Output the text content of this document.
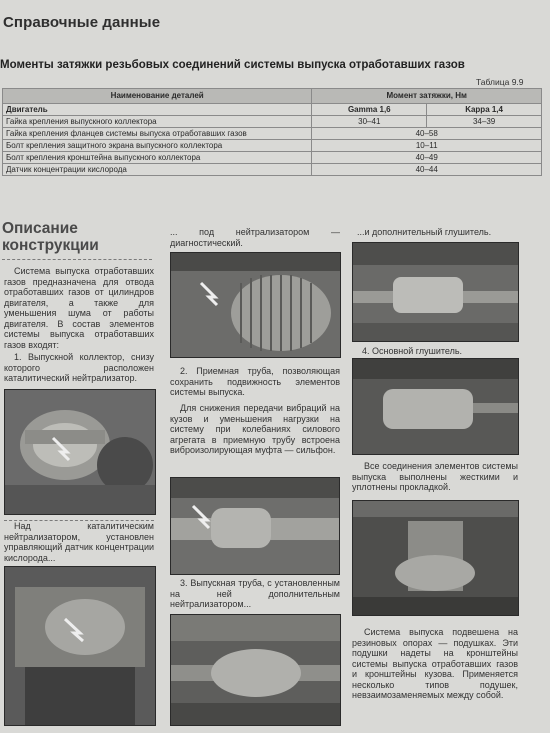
Справочные данные
Моменты затяжки резьбовых соединений системы выпуска отработавших газов
Таблица 9.9
Наименование деталей	Момент затяжки, Нм	
Двигатель	Gamma 1,6	Kappa 1,4
Гайка крепления выпускного коллектора	30–41	34–39
Гайка крепления фланцев системы выпуска отработавших газов	40–58	
Болт крепления защитного экрана выпускного коллектора	10–11	
Болт крепления кронштейна выпускного коллектора	40–49	
Датчик концентрации кислорода	40–44	
Описание
конструкции
Система выпуска отработавших газов предназначена для отвода отработавших газов от цилиндров двигателя, а также для уменьшения шума от работы двигателя. В состав элементов системы выпуска отработавших газов входят:
1. Выпускной коллектор, снизу которого расположен каталитический нейтрализатор.
Над каталитическим нейтрализатором, установлен управляющий датчик концентрации кислорода...
... под нейтрализатором — диагностический.
2. Приемная труба, позволяющая сохранить подвижность элементов системы выпуска.
Для снижения передачи вибраций на кузов и уменьшения нагрузки на систему при колебаниях силового агрегата в приемную трубу встроена виброизолирующая муфта — сильфон.
3. Выпускная труба, с установленным на ней дополнительным нейтрализатором...
...и дополнительный глушитель.
4. Основной глушитель.
Все соединения элементов системы выпуска выполнены жесткими и уплотнены прокладкой.
Система выпуска подвешена на резиновых опорах — подушках. Эти подушки надеты на кронштейны системы выпуска отработавших газов и кронштейны кузова. Применяется несколько типов подушек, невзаимозаменяемых между собой.
